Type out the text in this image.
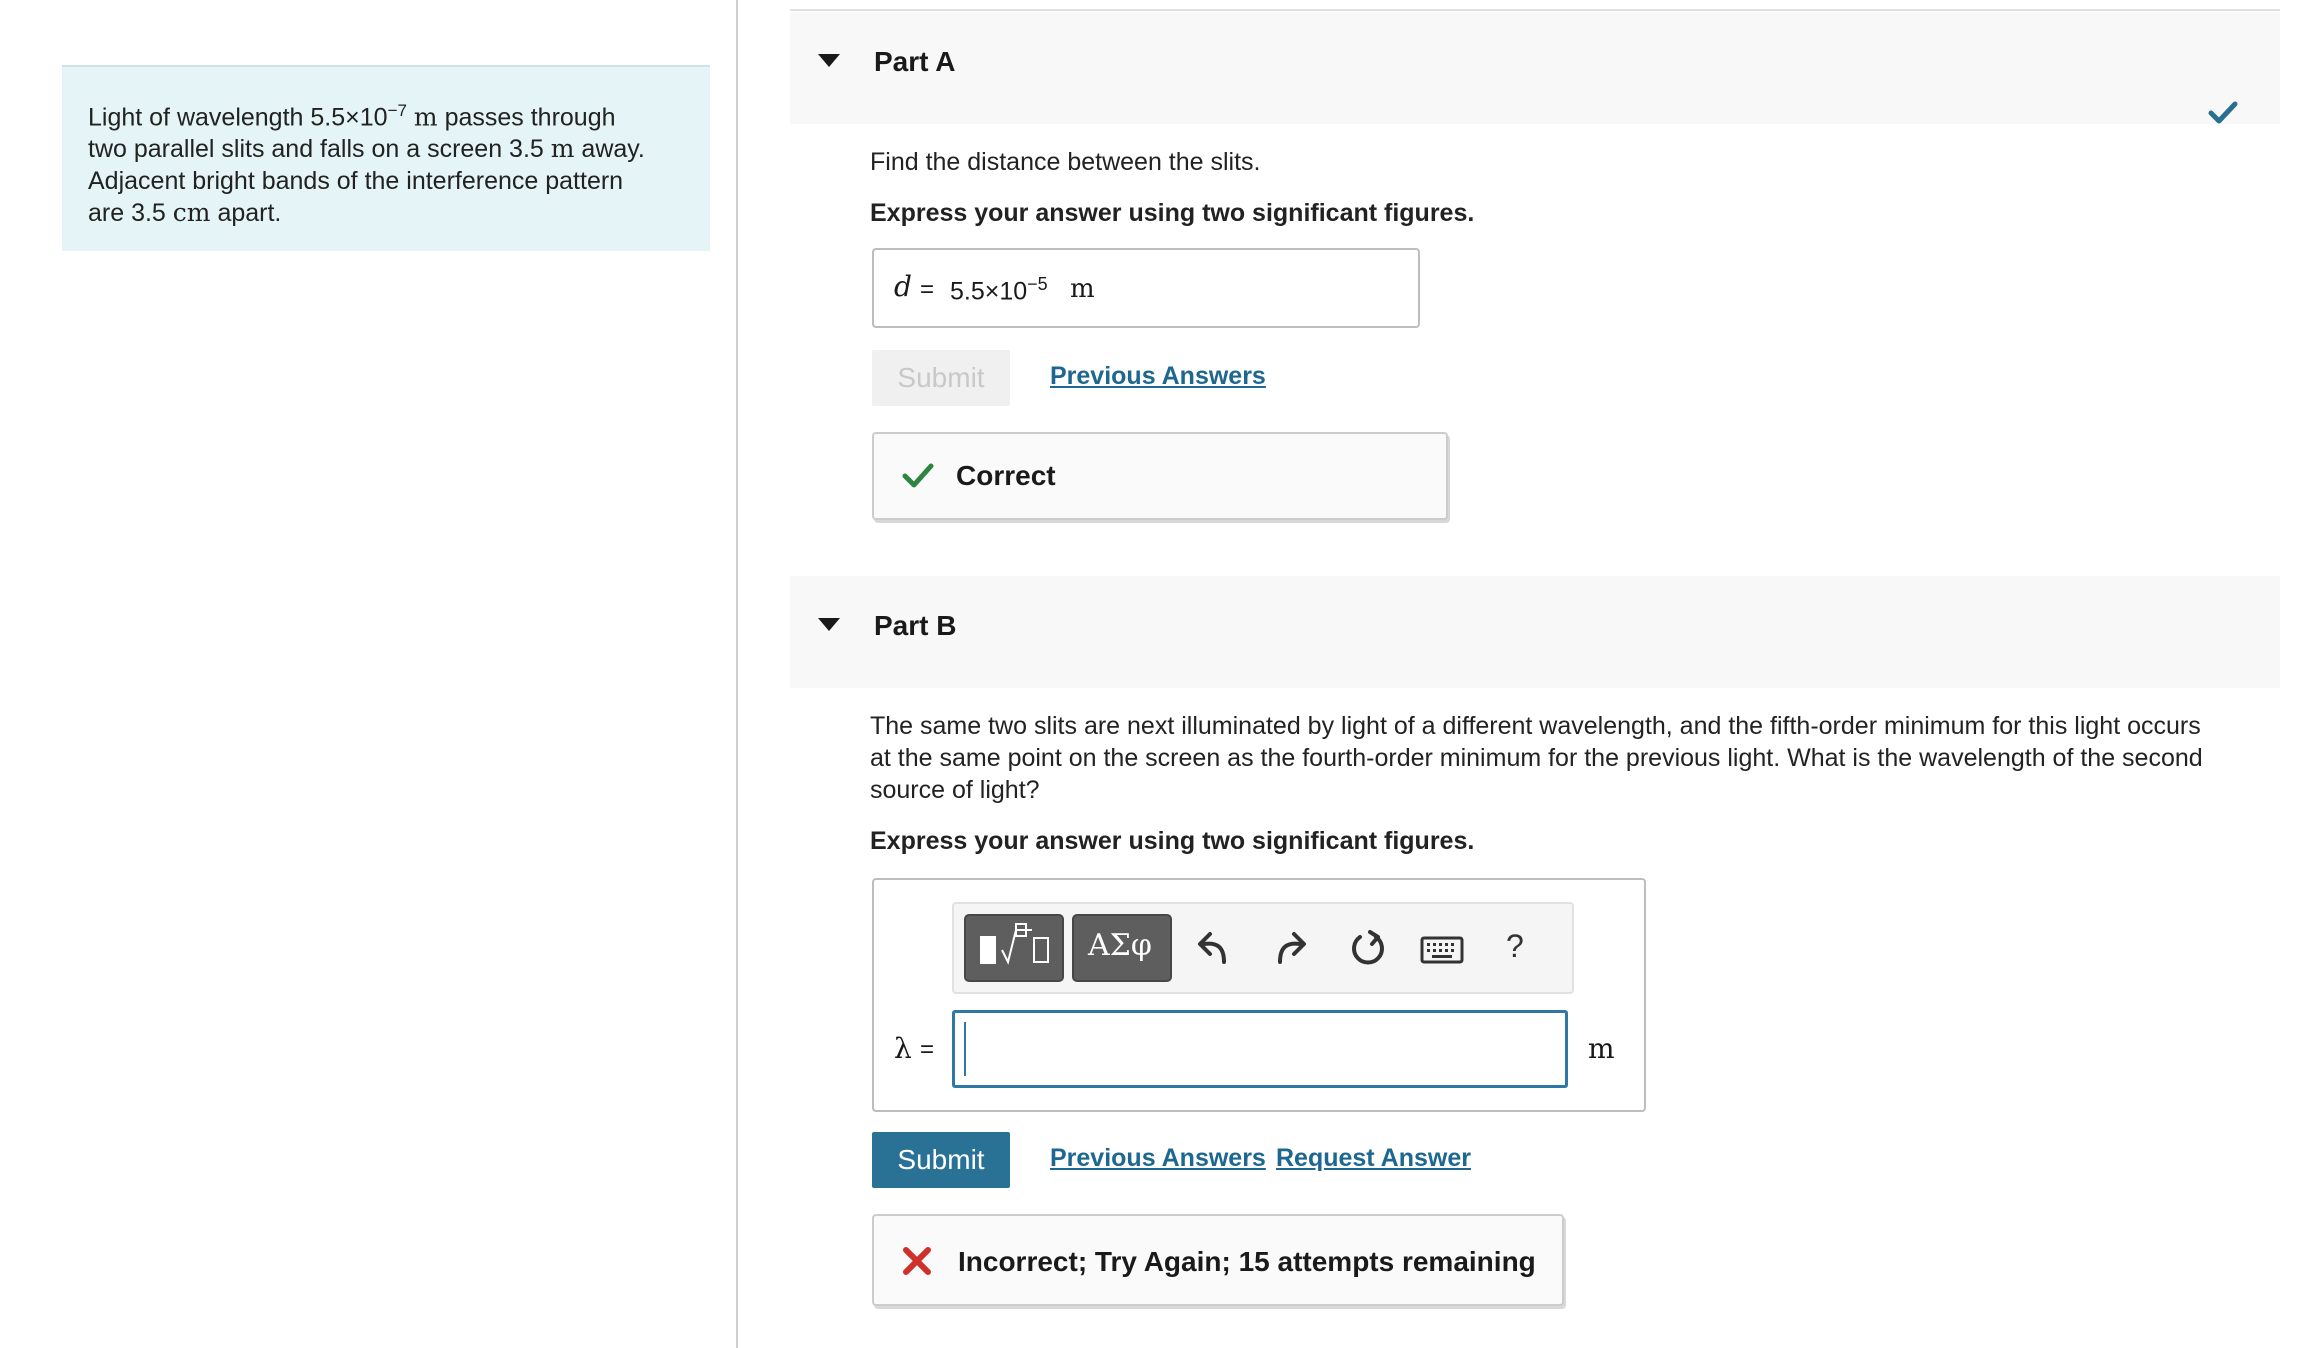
Light of wavelength $5.5\times 10^{-7}$ m passes through
two parallel slits and falls on a screen 3.5 m away.
Adjacent bright bands of the interference pattern
are 3.5 cm apart.
Part A
Find the distance between the slits.
Express your answer using two significant figures.
$d = 5.5\times 10^{-5}$ m
Submit	Previous Answers
Correct
Part B
The same two slits are next illuminated by light of a different wavelength, and the fifth-order minimum for this light occurs
at the same point on the screen as the fourth-order minimum for the previous light. What is the wavelength of the second
source of light?
Express your answer using two significant figures.
ΑΣφ	?
λ =	m
Submit	Previous Answers Request Answer
Incorrect; Try Again; 15 attempts remaining
